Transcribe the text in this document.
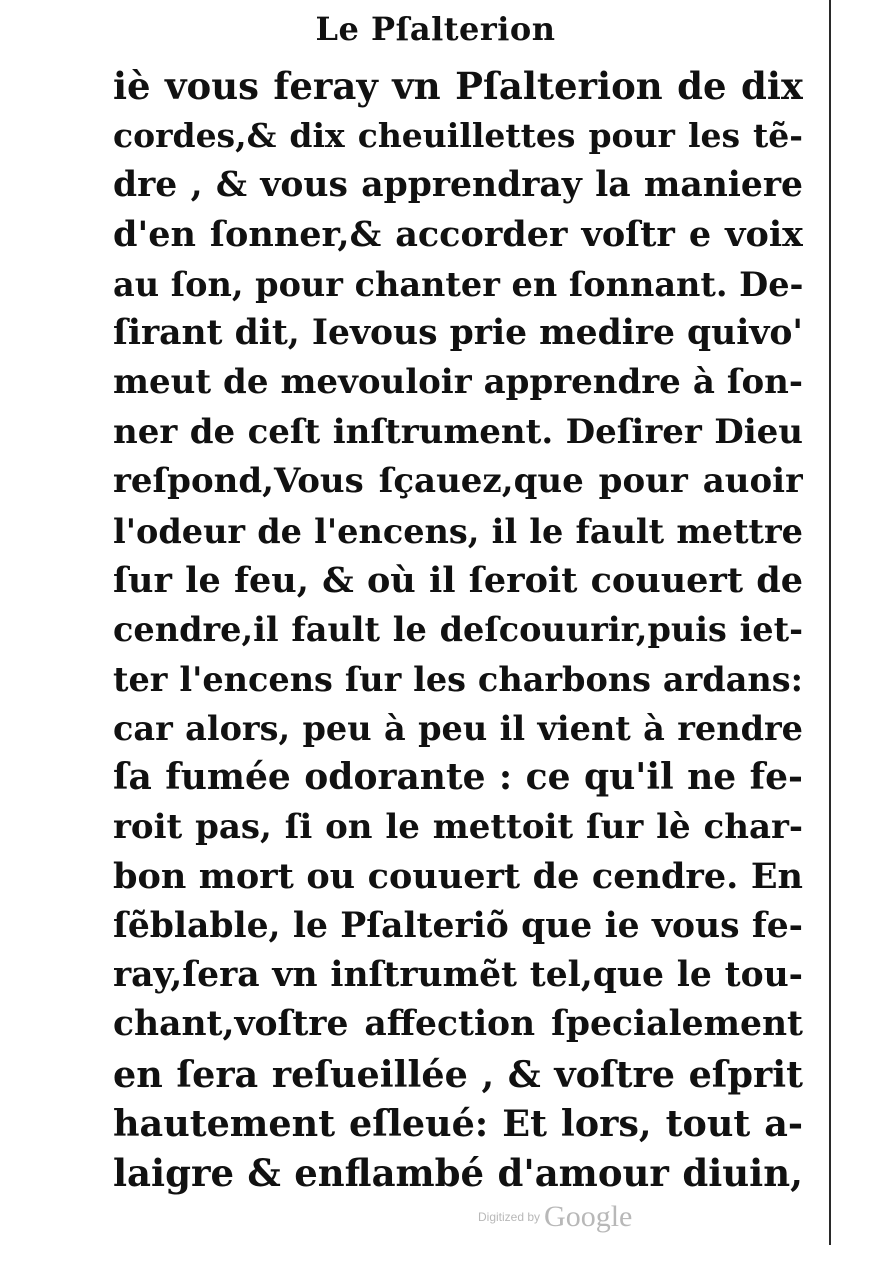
Le Pſalterion
iè vous feray vn Pſalterion de dix
cordes,& dix cheuillettes pour les tẽ-
dre , & vous apprendray la maniere
d'en ſonner,& accorder voſtr e voix
au ſon, pour chanter en ſonnant. De-
ſirant dit, Ievous prie medire quivo'
meut de mevouloir apprendre à ſon-
ner de ceſt inſtrument. Deſirer Dieu
reſpond,Vous ſçauez,que pour auoir
l'odeur de l'encens, il le fault mettre
ſur le feu, & où il ſeroit couuert de
cendre,il fault le deſcouurir,puis iet-
ter l'encens ſur les charbons ardans:
car alors, peu à peu il vient à rendre
ſa fumée odorante : ce qu'il ne fe-
roit pas, ſi on le mettoit ſur lè char-
bon mort ou couuert de cendre. En
ſẽblable, le Pſalteriõ que ie vous fe-
ray,ſera vn inſtrumẽt tel,que le tou-
chant,voſtre affection ſpecialement
en ſera reſueillée , & voſtre eſprit
hautement eſleué: Et lors, tout a-
laigre & enflambé d'amour diuin,
Digitized by Google
